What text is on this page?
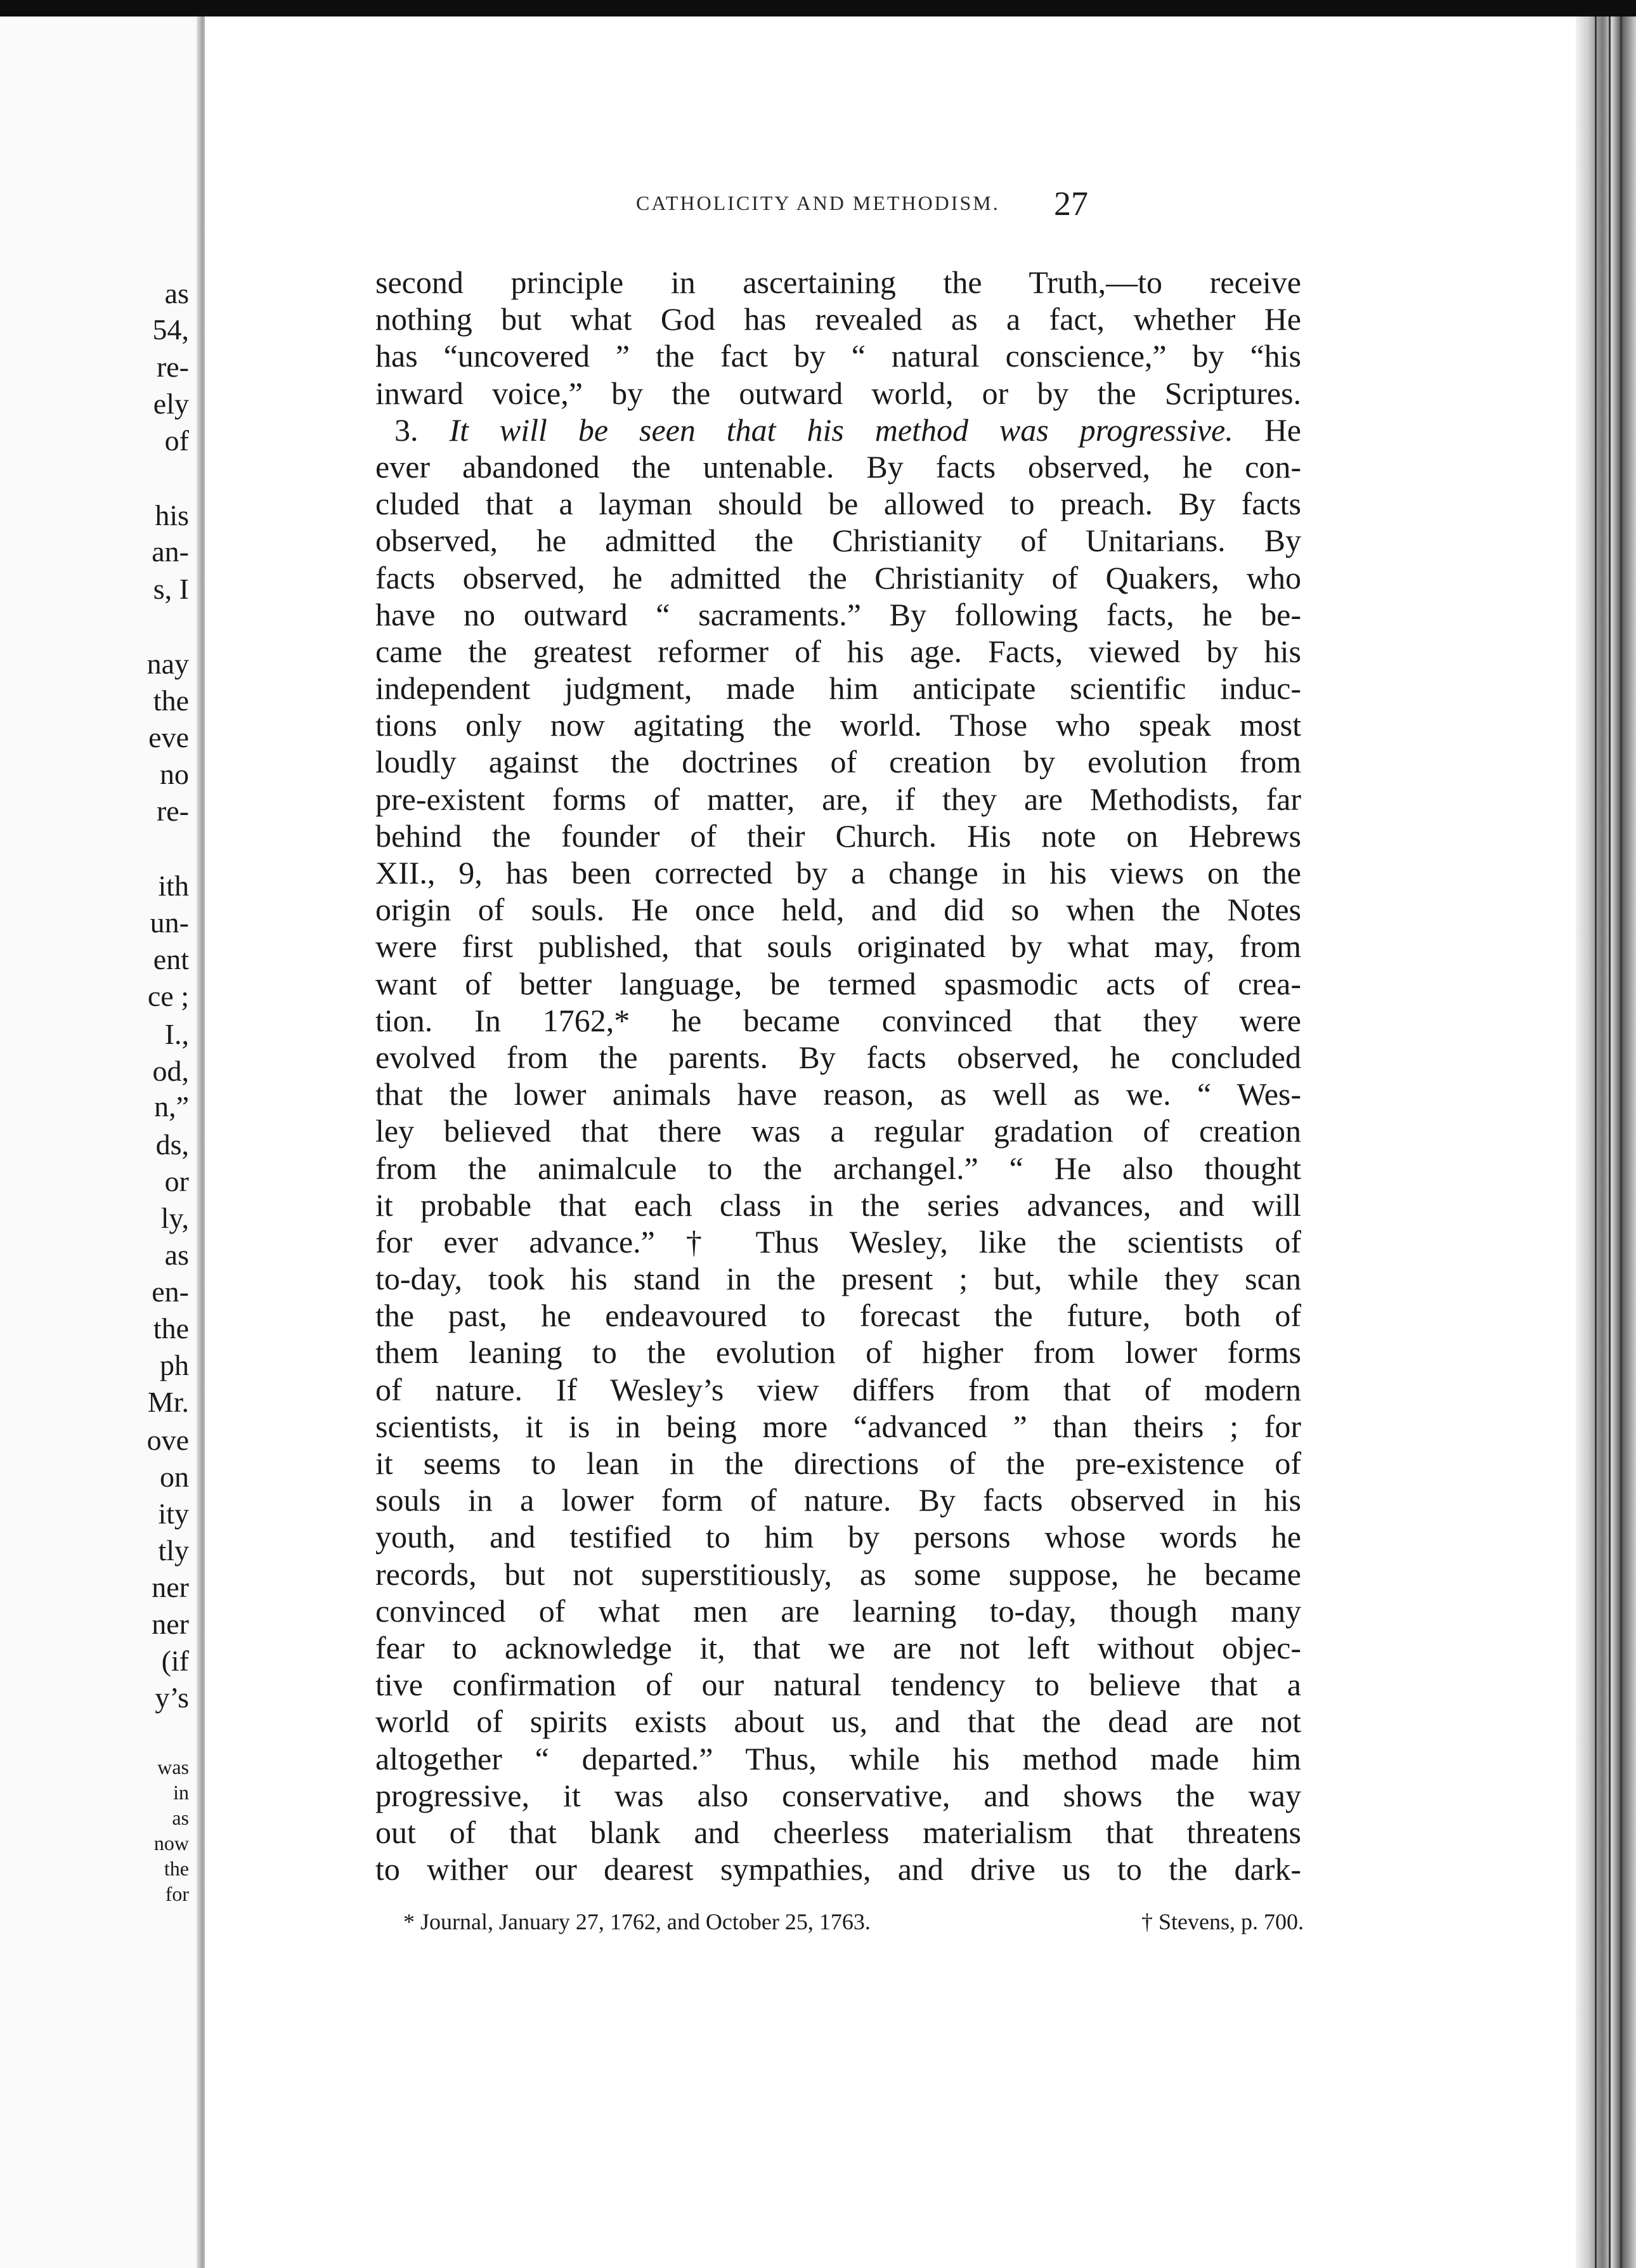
as
54,
re-
ely
of
his
an-
s, I
nay
the
eve
no
re-
ith
un-
ent
ce ;
I.,
od,
n,”
ds,
or
ly,
as
en-
the
ph
Mr.
ove
on
ity
tly
ner
ner
(if
y’s
was
in
as
now
the
for
CATHOLICITY AND METHODISM. 27
second principle in ascertaining the Truth,—to receive
nothing but what God has revealed as a fact, whether He
has “uncovered ” the fact by “ natural conscience,” by “his
inward voice,” by the outward world, or by the Scriptures.
3. It will be seen that his method was progressive. He
ever abandoned the untenable. By facts observed, he con-
cluded that a layman should be allowed to preach. By facts
observed, he admitted the Christianity of Unitarians. By
facts observed, he admitted the Christianity of Quakers, who
have no outward “ sacraments.” By following facts, he be-
came the greatest reformer of his age. Facts, viewed by his
independent judgment, made him anticipate scientific induc-
tions only now agitating the world. Those who speak most
loudly against the doctrines of creation by evolution from
pre-existent forms of matter, are, if they are Methodists, far
behind the founder of their Church. His note on Hebrews
XII., 9, has been corrected by a change in his views on the
origin of souls. He once held, and did so when the Notes
were first published, that souls originated by what may, from
want of better language, be termed spasmodic acts of crea-
tion. In 1762,* he became convinced that they were
evolved from the parents. By facts observed, he concluded
that the lower animals have reason, as well as we. “ Wes-
ley believed that there was a regular gradation of creation
from the animalcule to the archangel.” “ He also thought
it probable that each class in the series advances, and will
for ever advance.” † Thus Wesley, like the scientists of
to-day, took his stand in the present ; but, while they scan
the past, he endeavoured to forecast the future, both of
them leaning to the evolution of higher from lower forms
of nature. If Wesley’s view differs from that of modern
scientists, it is in being more “advanced ” than theirs ; for
it seems to lean in the directions of the pre-existence of
souls in a lower form of nature. By facts observed in his
youth, and testified to him by persons whose words he
records, but not superstitiously, as some suppose, he became
convinced of what men are learning to-day, though many
fear to acknowledge it, that we are not left without objec-
tive confirmation of our natural tendency to believe that a
world of spirits exists about us, and that the dead are not
altogether “ departed.” Thus, while his method made him
progressive, it was also conservative, and shows the way
out of that blank and cheerless materialism that threatens
to wither our dearest sympathies, and drive us to the dark-
* Journal, January 27, 1762, and October 25, 1763.	† Stevens, p. 700.
